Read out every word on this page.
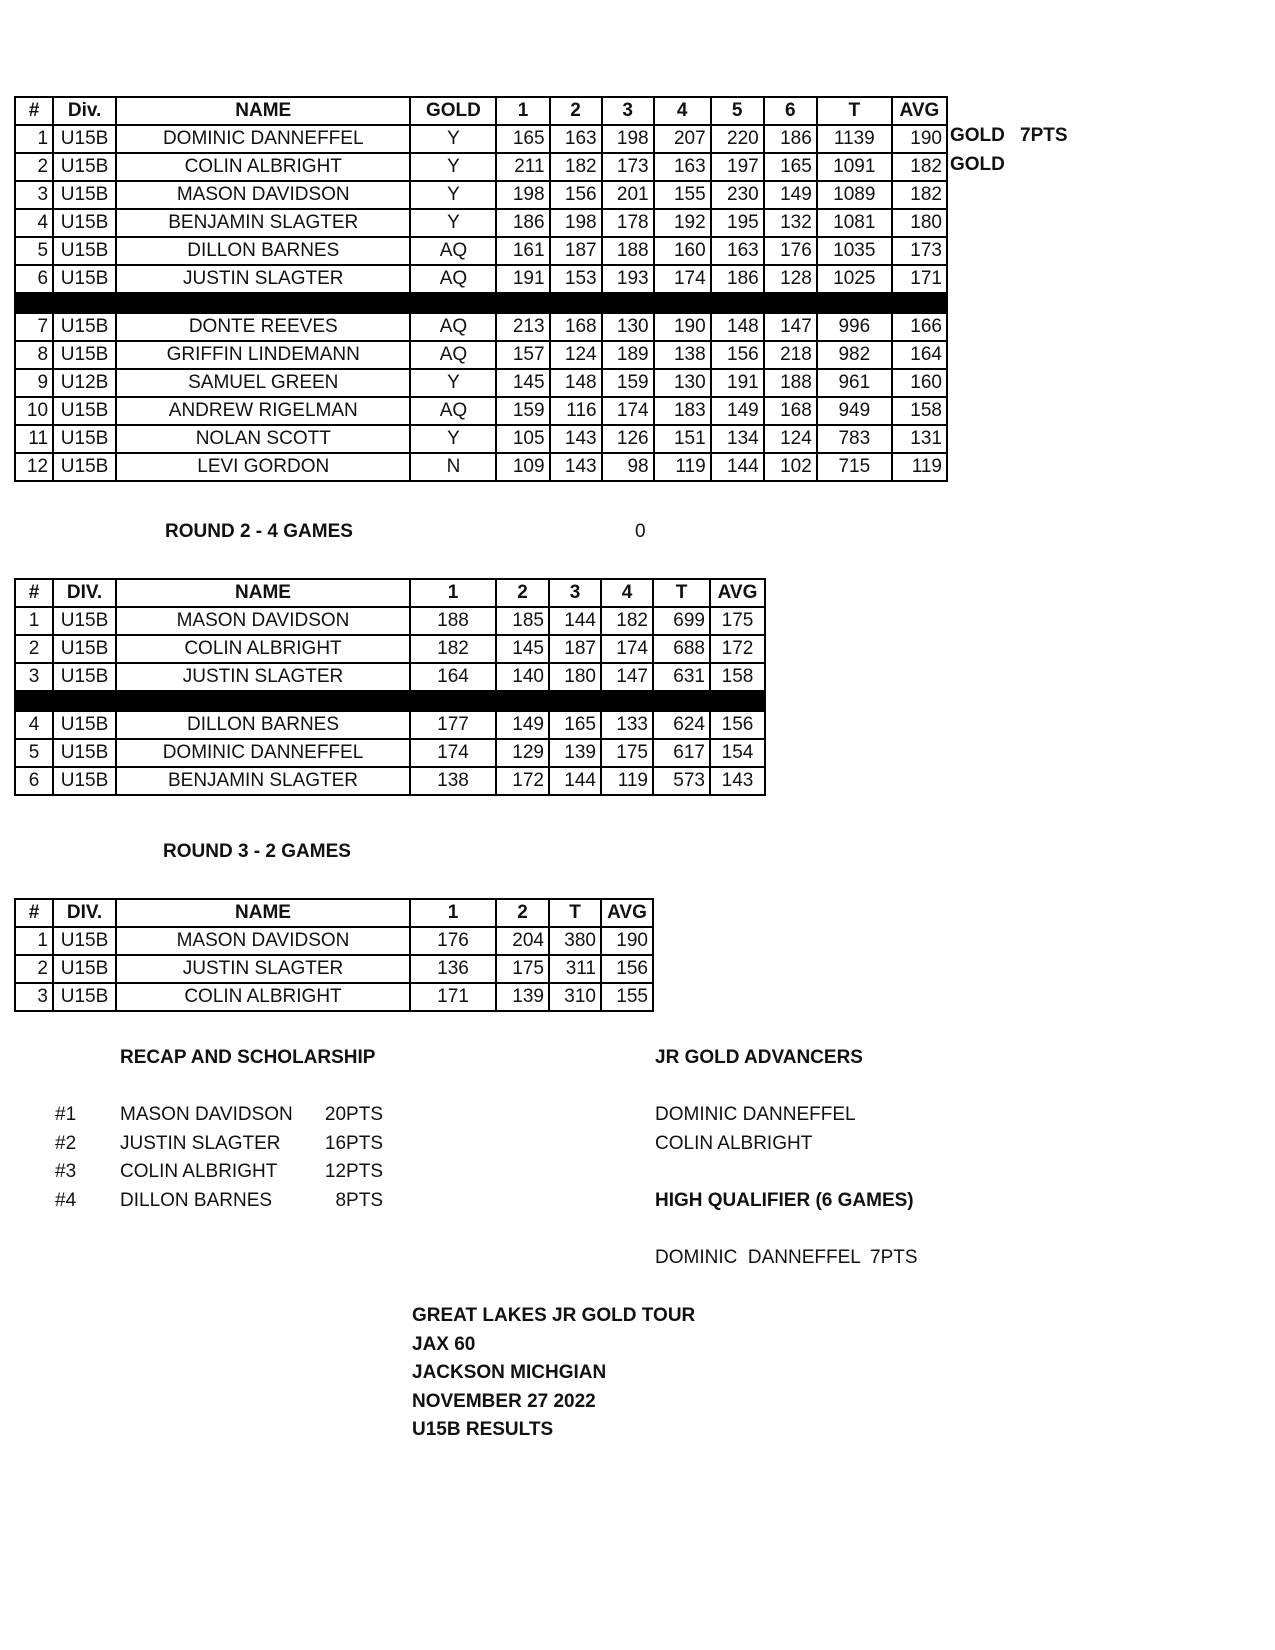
#	Div.	NAME	GOLD	1	2	3	4	5	6	T	AVG
1	U15B	DOMINIC DANNEFFEL	Y	165	163	198	207	220	186	1139	190
2	U15B	COLIN ALBRIGHT	Y	211	182	173	163	197	165	1091	182
3	U15B	MASON DAVIDSON	Y	198	156	201	155	230	149	1089	182
4	U15B	BENJAMIN SLAGTER	Y	186	198	178	192	195	132	1081	180
5	U15B	DILLON BARNES	AQ	161	187	188	160	163	176	1035	173
6	U15B	JUSTIN SLAGTER	AQ	191	153	193	174	186	128	1025	171

7	U15B	DONTE REEVES	AQ	213	168	130	190	148	147	996	166
8	U15B	GRIFFIN LINDEMANN	AQ	157	124	189	138	156	218	982	164
9	U12B	SAMUEL GREEN	Y	145	148	159	130	191	188	961	160
10	U15B	ANDREW RIGELMAN	AQ	159	116	174	183	149	168	949	158
11	U15B	NOLAN SCOTT	Y	105	143	126	151	134	124	783	131
12	U15B	LEVI GORDON	N	109	143	98	119	144	102	715	119
GOLD 7PTS
GOLD
ROUND 2 - 4 GAMES	0
#	DIV.	NAME	1	2	3	4	T	AVG
1	U15B	MASON DAVIDSON	188	185	144	182	699	175
2	U15B	COLIN ALBRIGHT	182	145	187	174	688	172
3	U15B	JUSTIN SLAGTER	164	140	180	147	631	158

4	U15B	DILLON BARNES	177	149	165	133	624	156
5	U15B	DOMINIC DANNEFFEL	174	129	139	175	617	154
6	U15B	BENJAMIN SLAGTER	138	172	144	119	573	143
ROUND 3 - 2 GAMES
#	DIV.	NAME	1	2	T	AVG
1	U15B	MASON DAVIDSON	176	204	380	190
2	U15B	JUSTIN SLAGTER	136	175	311	156
3	U15B	COLIN ALBRIGHT	171	139	310	155
RECAP AND SCHOLARSHIP
#1 MASON DAVIDSON	20PTS
#2 JUSTIN SLAGTER	16PTS
#3 COLIN ALBRIGHT	12PTS
#4 DILLON BARNES	8PTS
JR GOLD ADVANCERS
DOMINIC DANNEFFEL
COLIN ALBRIGHT
HIGH QUALIFIER (6 GAMES)
DOMINIC  DANNEFFEL 7PTS
GREAT LAKES JR GOLD TOUR
JAX 60
JACKSON MICHGIAN
NOVEMBER 27 2022
U15B RESULTS
